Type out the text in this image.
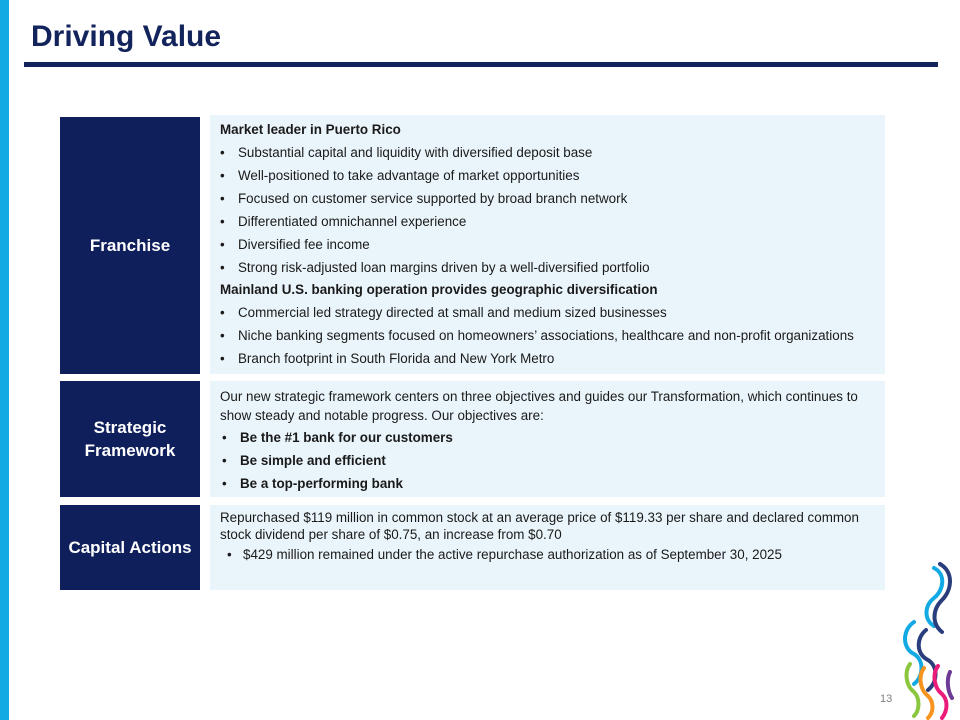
Driving Value
Franchise
Market leader in Puerto Rico
• Substantial capital and liquidity with diversified deposit base
• Well-positioned to take advantage of market opportunities
• Focused on customer service supported by broad branch network
• Differentiated omnichannel experience
• Diversified fee income
• Strong risk-adjusted loan margins driven by a well-diversified portfolio
Mainland U.S. banking operation provides geographic diversification
• Commercial led strategy directed at small and medium sized businesses
• Niche banking segments focused on homeowners’ associations, healthcare and non-profit organizations
• Branch footprint in South Florida and New York Metro
Strategic
Framework
Our new strategic framework centers on three objectives and guides our Transformation, which continues to
show steady and notable progress. Our objectives are:
• Be the #1 bank for our customers
• Be simple and efficient
• Be a top-performing bank
Capital Actions
Repurchased $119 million in common stock at an average price of $119.33 per share and declared common
stock dividend per share of $0.75, an increase from $0.70
• $429 million remained under the active repurchase authorization as of September 30, 2025
13
